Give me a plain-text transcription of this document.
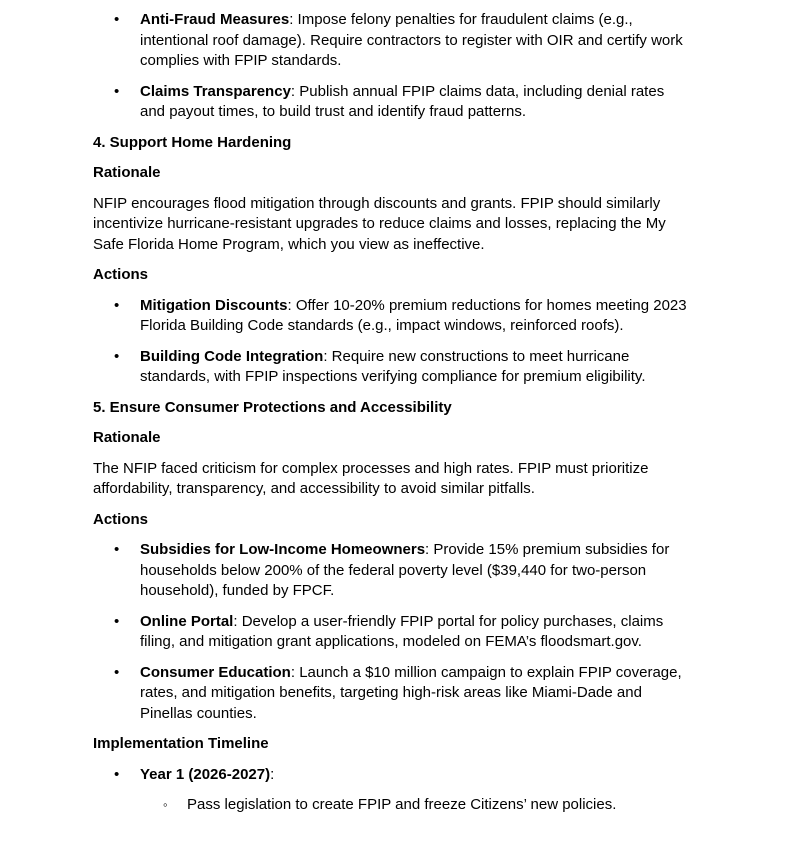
• Anti-Fraud Measures: Impose felony penalties for fraudulent claims (e.g., intentional roof damage). Require contractors to register with OIR and certify work complies with FPIP standards.
• Claims Transparency: Publish annual FPIP claims data, including denial rates and payout times, to build trust and identify fraud patterns.
4. Support Home Hardening
Rationale
NFIP encourages flood mitigation through discounts and grants. FPIP should similarly incentivize hurricane-resistant upgrades to reduce claims and losses, replacing the My Safe Florida Home Program, which you view as ineffective.
Actions
• Mitigation Discounts: Offer 10-20% premium reductions for homes meeting 2023 Florida Building Code standards (e.g., impact windows, reinforced roofs).
• Building Code Integration: Require new constructions to meet hurricane standards, with FPIP inspections verifying compliance for premium eligibility.
5. Ensure Consumer Protections and Accessibility
Rationale
The NFIP faced criticism for complex processes and high rates. FPIP must prioritize affordability, transparency, and accessibility to avoid similar pitfalls.
Actions
• Subsidies for Low-Income Homeowners: Provide 15% premium subsidies for households below 200% of the federal poverty level ($39,440 for two-person household), funded by FPCF.
• Online Portal: Develop a user-friendly FPIP portal for policy purchases, claims filing, and mitigation grant applications, modeled on FEMA’s floodsmart.gov.
• Consumer Education: Launch a $10 million campaign to explain FPIP coverage, rates, and mitigation benefits, targeting high-risk areas like Miami-Dade and Pinellas counties.
Implementation Timeline
• Year 1 (2026-2027):
◦ Pass legislation to create FPIP and freeze Citizens’ new policies.
